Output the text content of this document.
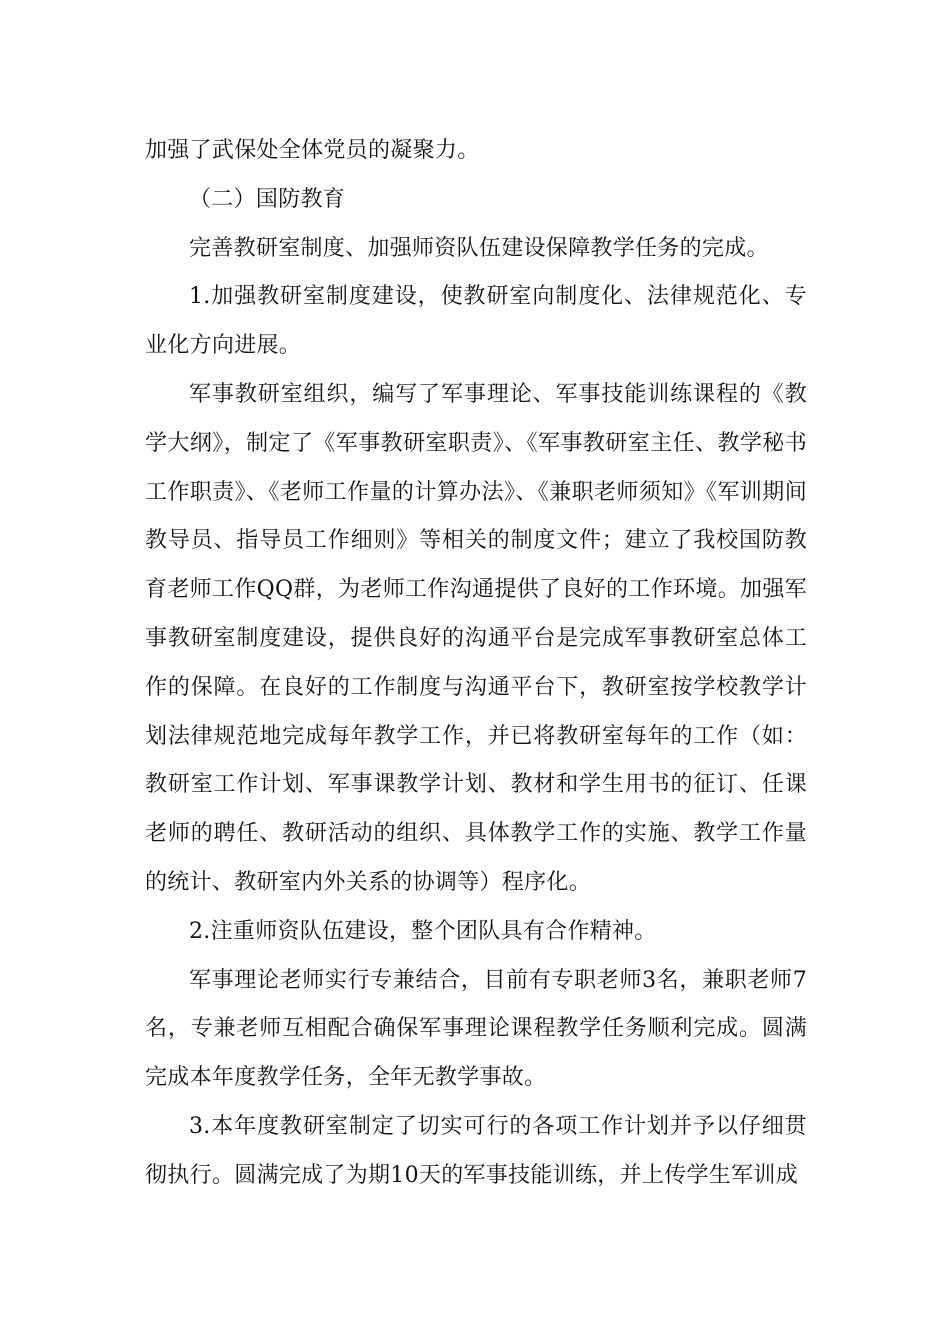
加强了武保处全体党员的凝聚力。

（二）国防教育

完善教研室制度、加强师资队伍建设保障教学任务的完成。

1.加强教研室制度建设，使教研室向制度化、法律规范化、专业化方向进展。

军事教研室组织，编写了军事理论、军事技能训练课程的《教学大纲》，制定了《军事教研室职责》、《军事教研室主任、教学秘书工作职责》、《老师工作量的计算办法》、《兼职老师须知》《军训期间教导员、指导员工作细则》等相关的制度文件；建立了我校国防教育老师工作QQ群，为老师工作沟通提供了良好的工作环境。加强军事教研室制度建设，提供良好的沟通平台是完成军事教研室总体工作的保障。在良好的工作制度与沟通平台下，教研室按学校教学计划法律规范地完成每年教学工作，并已将教研室每年的工作（如：教研室工作计划、军事课教学计划、教材和学生用书的征订、任课老师的聘任、教研活动的组织、具体教学工作的实施、教学工作量的统计、教研室内外关系的协调等）程序化。

2.注重师资队伍建设，整个团队具有合作精神。

军事理论老师实行专兼结合，目前有专职老师3名，兼职老师7名，专兼老师互相配合确保军事理论课程教学任务顺利完成。圆满完成本年度教学任务，全年无教学事故。

3.本年度教研室制定了切实可行的各项工作计划并予以仔细贯彻执行。圆满完成了为期10天的军事技能训练，并上传学生军训成
